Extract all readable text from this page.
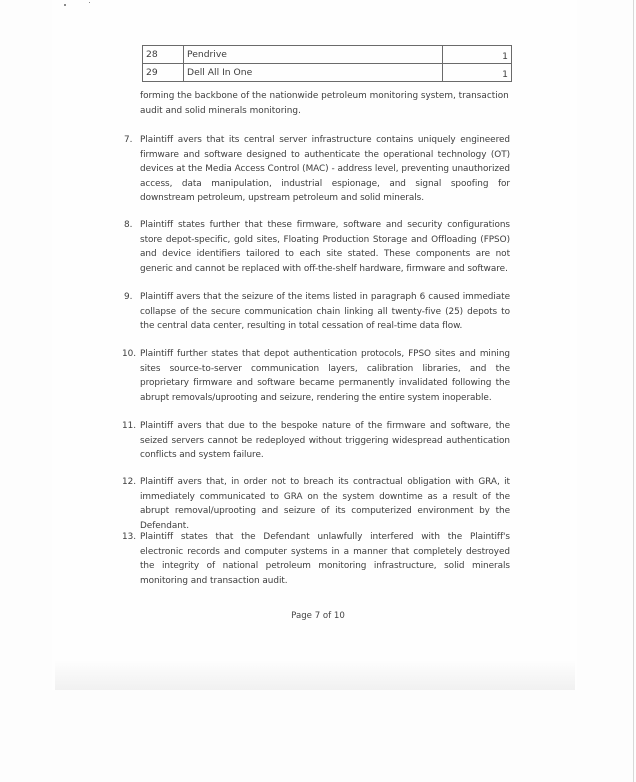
28	Pendrive	1
29	Dell All In One	1
forming the backbone of the nationwide petroleum monitoring system, transaction audit and solid minerals monitoring.
7. Plaintiff avers that its central server infrastructure contains uniquely engineered firmware and software designed to authenticate the operational technology (OT) devices at the Media Access Control (MAC) - address level, preventing unauthorized access, data manipulation, industrial espionage, and signal spoofing for downstream petroleum, upstream petroleum and solid minerals.
8. Plaintiff states further that these firmware, software and security configurations store depot-specific, gold sites, Floating Production Storage and Offloading (FPSO) and device identifiers tailored to each site stated. These components are not generic and cannot be replaced with off-the-shelf hardware, firmware and software.
9. Plaintiff avers that the seizure of the items listed in paragraph 6 caused immediate collapse of the secure communication chain linking all twenty-five (25) depots to the central data center, resulting in total cessation of real-time data flow.
10. Plaintiff further states that depot authentication protocols, FPSO sites and mining sites source-to-server communication layers, calibration libraries, and the proprietary firmware and software became permanently invalidated following the abrupt removals/uprooting and seizure, rendering the entire system inoperable.
11. Plaintiff avers that due to the bespoke nature of the firmware and software, the seized servers cannot be redeployed without triggering widespread authentication conflicts and system failure.
12. Plaintiff avers that, in order not to breach its contractual obligation with GRA, it immediately communicated to GRA on the system downtime as a result of the abrupt removal/uprooting and seizure of its computerized environment by the Defendant.
13. Plaintiff states that the Defendant unlawfully interfered with the Plaintiff's electronic records and computer systems in a manner that completely destroyed the integrity of national petroleum monitoring infrastructure, solid minerals monitoring and transaction audit.
Page 7 of 10
